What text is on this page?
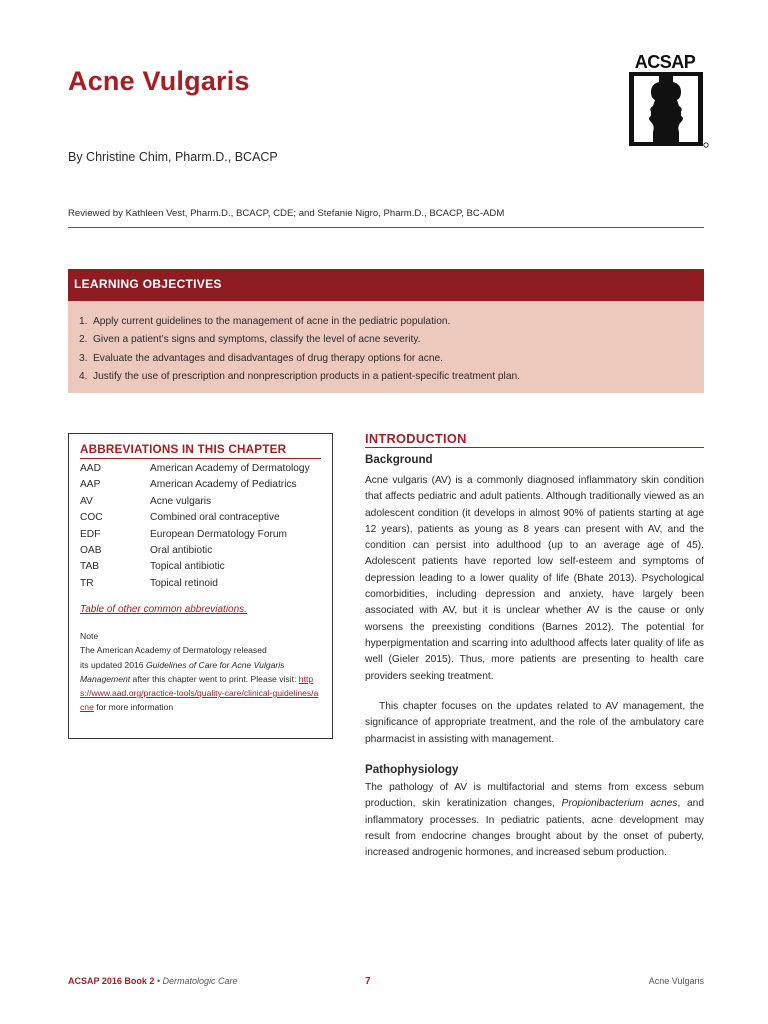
Acne Vulgaris
By Christine Chim, Pharm.D., BCACP
Reviewed by Kathleen Vest, Pharm.D., BCACP, CDE; and Stefanie Nigro, Pharm.D., BCACP, BC-ADM
ACSAP
LEARNING OBJECTIVES
1. Apply current guidelines to the management of acne in the pediatric population.
2. Given a patient’s signs and symptoms, classify the level of acne severity.
3. Evaluate the advantages and disadvantages of drug therapy options for acne.
4. Justify the use of prescription and nonprescription products in a patient-specific treatment plan.
ABBREVIATIONS IN THIS CHAPTER
AAD	American Academy of Dermatology
AAP	American Academy of Pediatrics
AV	Acne vulgaris
COC	Combined oral contraceptive
EDF	European Dermatology Forum
OAB	Oral antibiotic
TAB	Topical antibiotic
TR	Topical retinoid
Table of other common abbreviations.
Note
The American Academy of Dermatology released
its updated 2016 Guidelines of Care for Acne Vulgaris Management after this chapter went to print. Please visit: https://www.aad.org/practice-tools/quality-care/clinical-guidelines/acne for more information
INTRODUCTION
Background
Acne vulgaris (AV) is a commonly diagnosed inflammatory skin condition that affects pediatric and adult patients. Although traditionally viewed as an adolescent condition (it develops in almost 90% of patients starting at age 12 years), patients as young as 8 years can present with AV, and the condition can persist into adulthood (up to an average age of 45). Adolescent patients have reported low self-esteem and symptoms of depression leading to a lower quality of life (Bhate 2013). Psychological comorbidities, including depression and anxiety, have largely been associated with AV, but it is unclear whether AV is the cause or only worsens the preexisting conditions (Barnes 2012). The potential for hyperpigmentation and scarring into adulthood affects later quality of life as well (Gieler 2015). Thus, more patients are presenting to health care providers seeking treatment.
This chapter focuses on the updates related to AV management, the significance of appropriate treatment, and the role of the ambulatory care pharmacist in assisting with management.
Pathophysiology
The pathology of AV is multifactorial and stems from excess sebum production, skin keratinization changes, Propionibacterium acnes, and inflammatory processes. In pediatric patients, acne development may result from endocrine changes brought about by the onset of puberty, increased androgenic hormones, and increased sebum production.
ACSAP 2016 Book 2 • Dermatologic Care	7	Acne Vulgaris
